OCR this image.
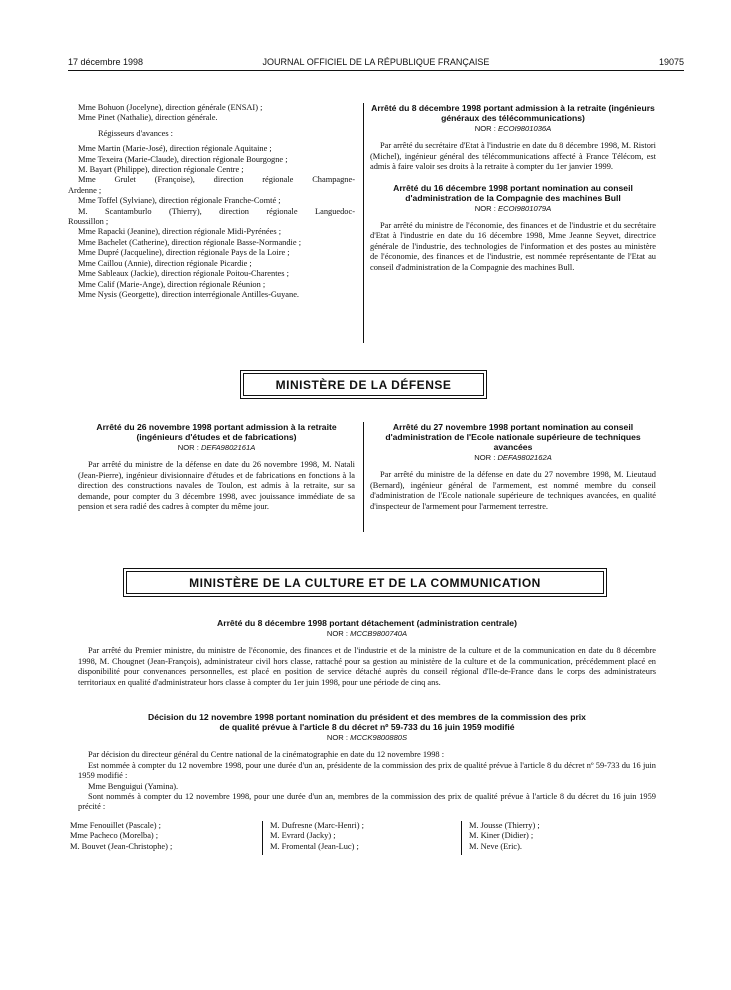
17 décembre 1998	JOURNAL OFFICIEL DE LA RÉPUBLIQUE FRANÇAISE	19075
Mme Bohuon (Jocelyne), direction générale (ENSAI) ;
Mme Pinet (Nathalie), direction générale.
Régisseurs d'avances :
Mme Martin (Marie-José), direction régionale Aquitaine ;
Mme Texeira (Marie-Claude), direction régionale Bourgogne ;
M. Bayart (Philippe), direction régionale Centre ;
Mme Grulet (Françoise), direction régionale Champagne-
Ardenne ;
Mme Toffel (Sylviane), direction régionale Franche-Comté ;
M. Scantamburlo (Thierry), direction régionale Languedoc-
Roussillon ;
Mme Rapacki (Jeanine), direction régionale Midi-Pyrénées ;
Mme Bachelet (Catherine), direction régionale Basse-Normandie ;
Mme Dupré (Jacqueline), direction régionale Pays de la Loire ;
Mme Caillou (Annie), direction régionale Picardie ;
Mme Sableaux (Jackie), direction régionale Poitou-Charentes ;
Mme Calif (Marie-Ange), direction régionale Réunion ;
Mme Nysis (Georgette), direction interrégionale Antilles-Guyane.
Arrêté du 8 décembre 1998 portant admission à la retraite (ingénieurs généraux des télécommunications)
NOR : ECOI9801036A
Par arrêté du secrétaire d'Etat à l'industrie en date du 8 décembre 1998, M. Ristori (Michel), ingénieur général des télécommunications affecté à France Télécom, est admis à faire valoir ses droits à la retraite à compter du 1er janvier 1999.
Arrêté du 16 décembre 1998 portant nomination au conseil d'administration de la Compagnie des machines Bull
NOR : ECOI9801079A
Par arrêté du ministre de l'économie, des finances et de l'industrie et du secrétaire d'Etat à l'industrie en date du 16 décembre 1998, Mme Jeanne Seyvet, directrice générale de l'industrie, des technologies de l'information et des postes au ministère de l'économie, des finances et de l'industrie, est nommée représentante de l'Etat au conseil d'administration de la Compagnie des machines Bull.
MINISTÈRE DE LA DÉFENSE
Arrêté du 26 novembre 1998 portant admission à la retraite (ingénieurs d'études et de fabrications)
NOR : DEFA9802161A
Par arrêté du ministre de la défense en date du 26 novembre 1998, M. Natali (Jean-Pierre), ingénieur divisionnaire d'études et de fabrications en fonctions à la direction des constructions navales de Toulon, est admis à la retraite, sur sa demande, pour compter du 3 décembre 1998, avec jouissance immédiate de sa pension et sera radié des cadres à compter du même jour.
Arrêté du 27 novembre 1998 portant nomination au conseil d'administration de l'Ecole nationale supérieure de techniques avancées
NOR : DEFA9802162A
Par arrêté du ministre de la défense en date du 27 novembre 1998, M. Lieutaud (Bernard), ingénieur général de l'armement, est nommé membre du conseil d'administration de l'Ecole nationale supérieure de techniques avancées, en qualité d'inspecteur de l'armement pour l'armement terrestre.
MINISTÈRE DE LA CULTURE ET DE LA COMMUNICATION
Arrêté du 8 décembre 1998 portant détachement (administration centrale)
NOR : MCCB9800740A
Par arrêté du Premier ministre, du ministre de l'économie, des finances et de l'industrie et de la ministre de la culture et de la communication en date du 8 décembre 1998, M. Chougnet (Jean-François), administrateur civil hors classe, rattaché pour sa gestion au ministère de la culture et de la communication, précédemment placé en disponibilité pour convenances personnelles, est placé en position de service détaché auprès du conseil régional d'Ile-de-France dans le corps des administrateurs territoriaux en qualité d'administrateur hors classe à compter du 1er juin 1998, pour une période de cinq ans.
Décision du 12 novembre 1998 portant nomination du président et des membres de la commission des prix
de qualité prévue à l'article 8 du décret nº 59-733 du 16 juin 1959 modifié
NOR : MCCK9800880S
Par décision du directeur général du Centre national de la cinématographie en date du 12 novembre 1998 :
Est nommée à compter du 12 novembre 1998, pour une durée d'un an, présidente de la commission des prix de qualité prévue à l'article 8 du décret nº 59-733 du 16 juin 1959 modifié :
Mme Benguigui (Yamina).
Sont nommés à compter du 12 novembre 1998, pour une durée d'un an, membres de la commission des prix de qualité prévue à l'article 8 du décret du 16 juin 1959 précité :
Mme Fenouillet (Pascale) ;
Mme Pacheco (Morelba) ;
M. Bouvet (Jean-Christophe) ;
M. Dufresne (Marc-Henri) ;
M. Evrard (Jacky) ;
M. Fromental (Jean-Luc) ;
M. Jousse (Thierry) ;
M. Kiner (Didier) ;
M. Neve (Eric).
